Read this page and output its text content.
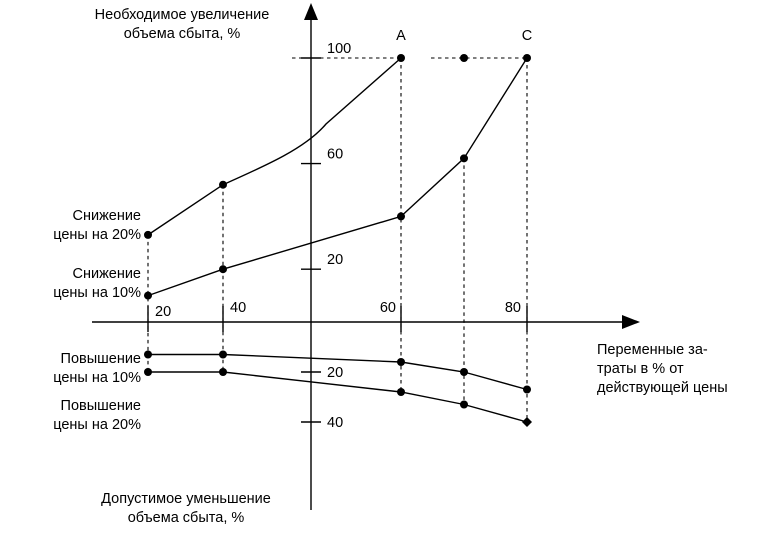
100
60
20
20
40
20	40	60	80
Снижение
цены на 20%
Снижение
цены на 10%
Повышение
цены на 10%
Повышение
цены на 20%
A	C
Необходимое увеличение
объема сбыта, %
Допустимое уменьшение
объема сбыта, %
Переменные за-
траты в % от
действующей цены
